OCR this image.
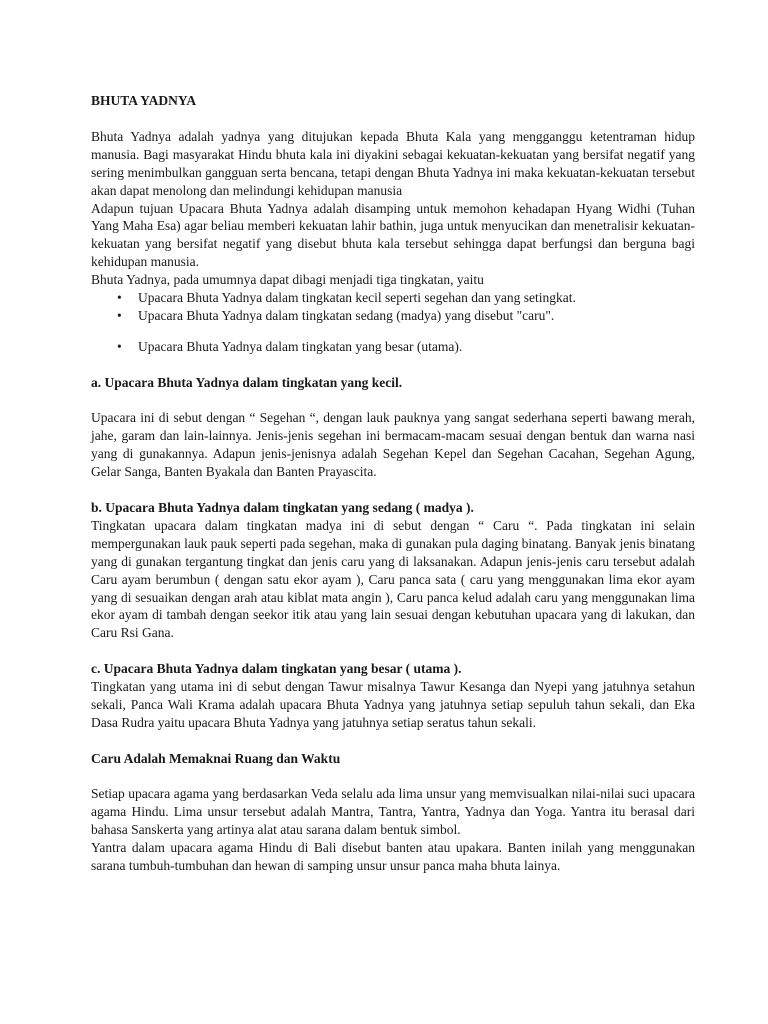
BHUTA YADNYA

Bhuta Yadnya adalah yadnya yang ditujukan kepada Bhuta Kala yang mengganggu ketentraman hidup manusia. Bagi masyarakat Hindu bhuta kala ini diyakini sebagai kekuatan-kekuatan yang bersifat negatif yang sering menimbulkan gangguan serta bencana, tetapi dengan Bhuta Yadnya ini maka kekuatan-kekuatan tersebut akan dapat menolong dan melindungi kehidupan manusia

Adapun tujuan Upacara Bhuta Yadnya adalah disamping untuk memohon kehadapan Hyang Widhi (Tuhan Yang Maha Esa) agar beliau memberi kekuatan lahir bathin, juga untuk menyucikan dan menetralisir kekuatan-kekuatan yang bersifat negatif yang disebut bhuta kala tersebut sehingga dapat berfungsi dan berguna bagi kehidupan manusia.

Bhuta Yadnya, pada umumnya dapat dibagi menjadi tiga tingkatan, yaitu

•	Upacara Bhuta Yadnya dalam tingkatan kecil seperti segehan dan yang setingkat.
•	Upacara Bhuta Yadnya dalam tingkatan sedang (madya) yang disebut "caru".
•	Upacara Bhuta Yadnya dalam tingkatan yang besar (utama).

a. Upacara Bhuta Yadnya dalam tingkatan yang kecil.

Upacara ini di sebut dengan “ Segehan “, dengan lauk pauknya yang sangat sederhana seperti bawang merah, jahe, garam dan lain-lainnya. Jenis-jenis segehan ini bermacam-macam sesuai dengan bentuk dan warna nasi yang di gunakannya. Adapun jenis-jenisnya adalah Segehan Kepel dan Segehan Cacahan, Segehan Agung, Gelar Sanga, Banten Byakala dan Banten Prayascita.

b. Upacara Bhuta Yadnya dalam tingkatan yang sedang ( madya ).

Tingkatan upacara dalam tingkatan madya ini di sebut dengan “ Caru “. Pada tingkatan ini selain mempergunakan lauk pauk seperti pada segehan, maka di gunakan pula daging binatang. Banyak jenis binatang yang di gunakan tergantung tingkat dan jenis caru yang di laksanakan. Adapun jenis-jenis caru tersebut adalah Caru ayam berumbun ( dengan satu ekor ayam ), Caru panca sata ( caru yang menggunakan lima ekor ayam yang di sesuaikan dengan arah atau kiblat mata angin ), Caru panca kelud adalah caru yang menggunakan lima ekor ayam di tambah dengan seekor itik atau yang lain sesuai dengan kebutuhan upacara yang di lakukan, dan Caru Rsi Gana.

c. Upacara Bhuta Yadnya dalam tingkatan yang besar ( utama ).

Tingkatan yang utama ini di sebut dengan Tawur misalnya Tawur Kesanga dan Nyepi yang jatuhnya setahun sekali, Panca Wali Krama adalah upacara Bhuta Yadnya yang jatuhnya setiap sepuluh tahun sekali, dan Eka Dasa Rudra yaitu upacara Bhuta Yadnya yang jatuhnya setiap seratus tahun sekali.

Caru Adalah Memaknai Ruang dan Waktu

Setiap upacara agama yang berdasarkan Veda selalu ada lima unsur yang memvisualkan nilai-nilai suci upacara agama Hindu. Lima unsur tersebut adalah Mantra, Tantra, Yantra, Yadnya dan Yoga. Yantra itu berasal dari bahasa Sanskerta yang artinya alat atau sarana dalam bentuk simbol.

Yantra dalam upacara agama Hindu di Bali disebut banten atau upakara. Banten inilah yang menggunakan sarana tumbuh-tumbuhan dan hewan di samping unsur unsur panca maha bhuta lainya.
